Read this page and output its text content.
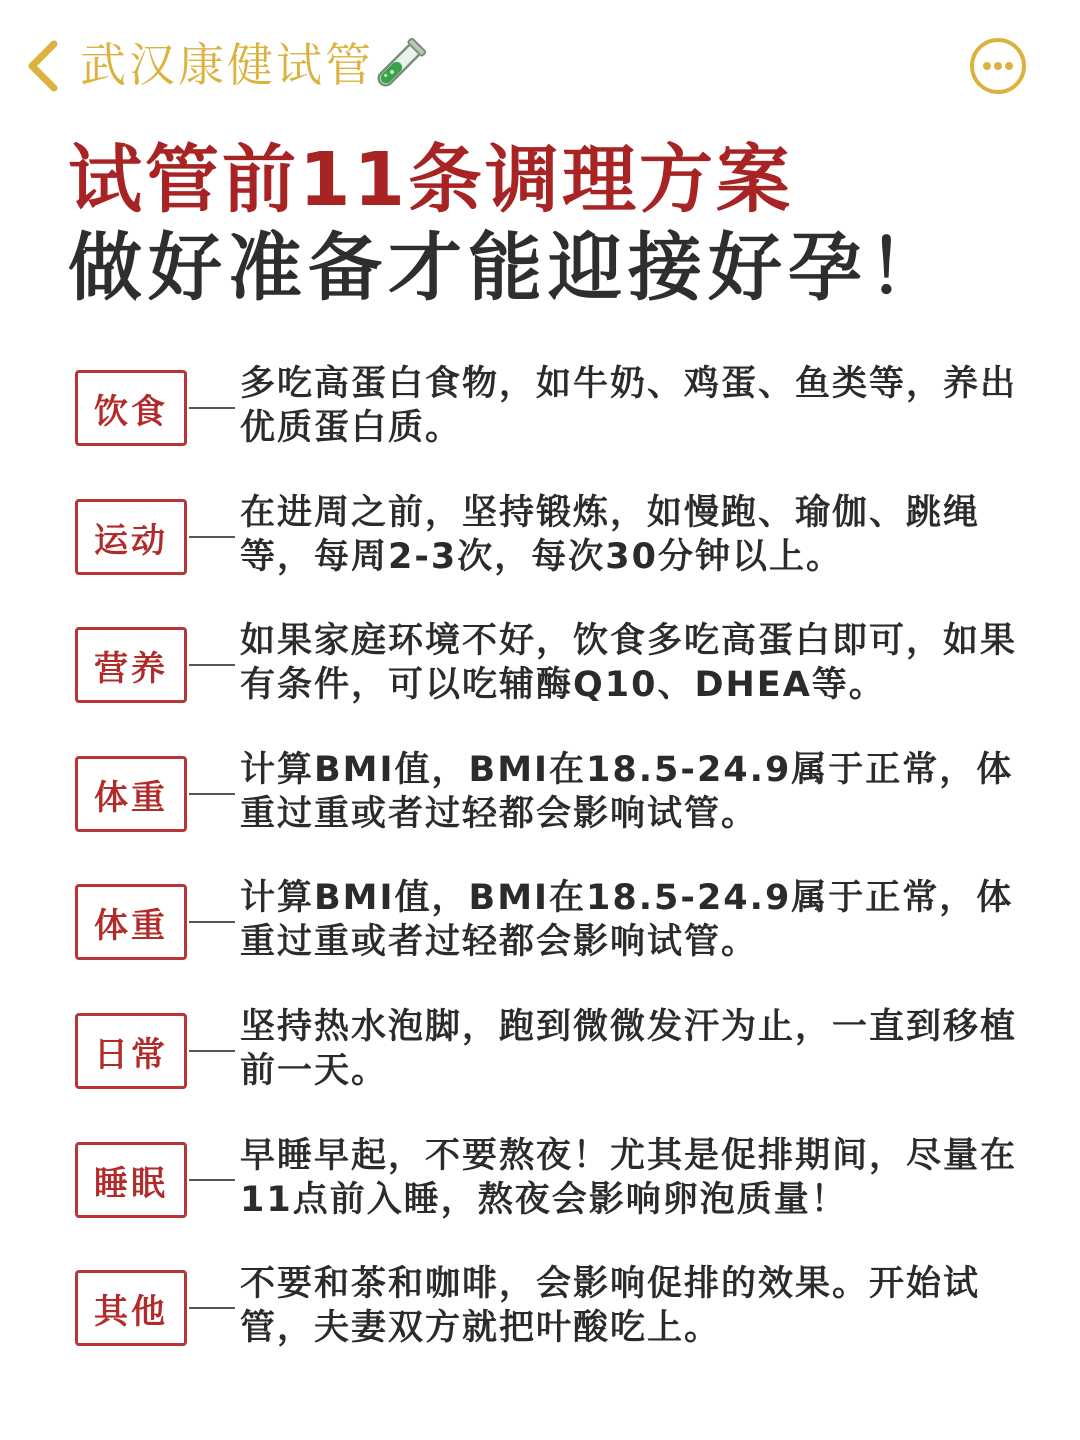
武汉康健试管
试管前11条调理方案
做好准备才能迎接好孕！
饮食
多吃高蛋白食物，如牛奶、鸡蛋、鱼类等，养出优质蛋白质。
运动
在进周之前，坚持锻炼，如慢跑、瑜伽、跳绳等，每周2-3次，每次30分钟以上。
营养
如果家庭环境不好，饮食多吃高蛋白即可，如果有条件，可以吃辅酶Q10、DHEA等。
体重
计算BMI值，BMI在18.5-24.9属于正常，体重过重或者过轻都会影响试管。
体重
计算BMI值，BMI在18.5-24.9属于正常，体重过重或者过轻都会影响试管。
日常
坚持热水泡脚，跑到微微发汗为止，一直到移植前一天。
睡眠
早睡早起，不要熬夜！尤其是促排期间，尽量在11点前入睡，熬夜会影响卵泡质量！
其他
不要和茶和咖啡，会影响促排的效果。开始试管，夫妻双方就把叶酸吃上。
